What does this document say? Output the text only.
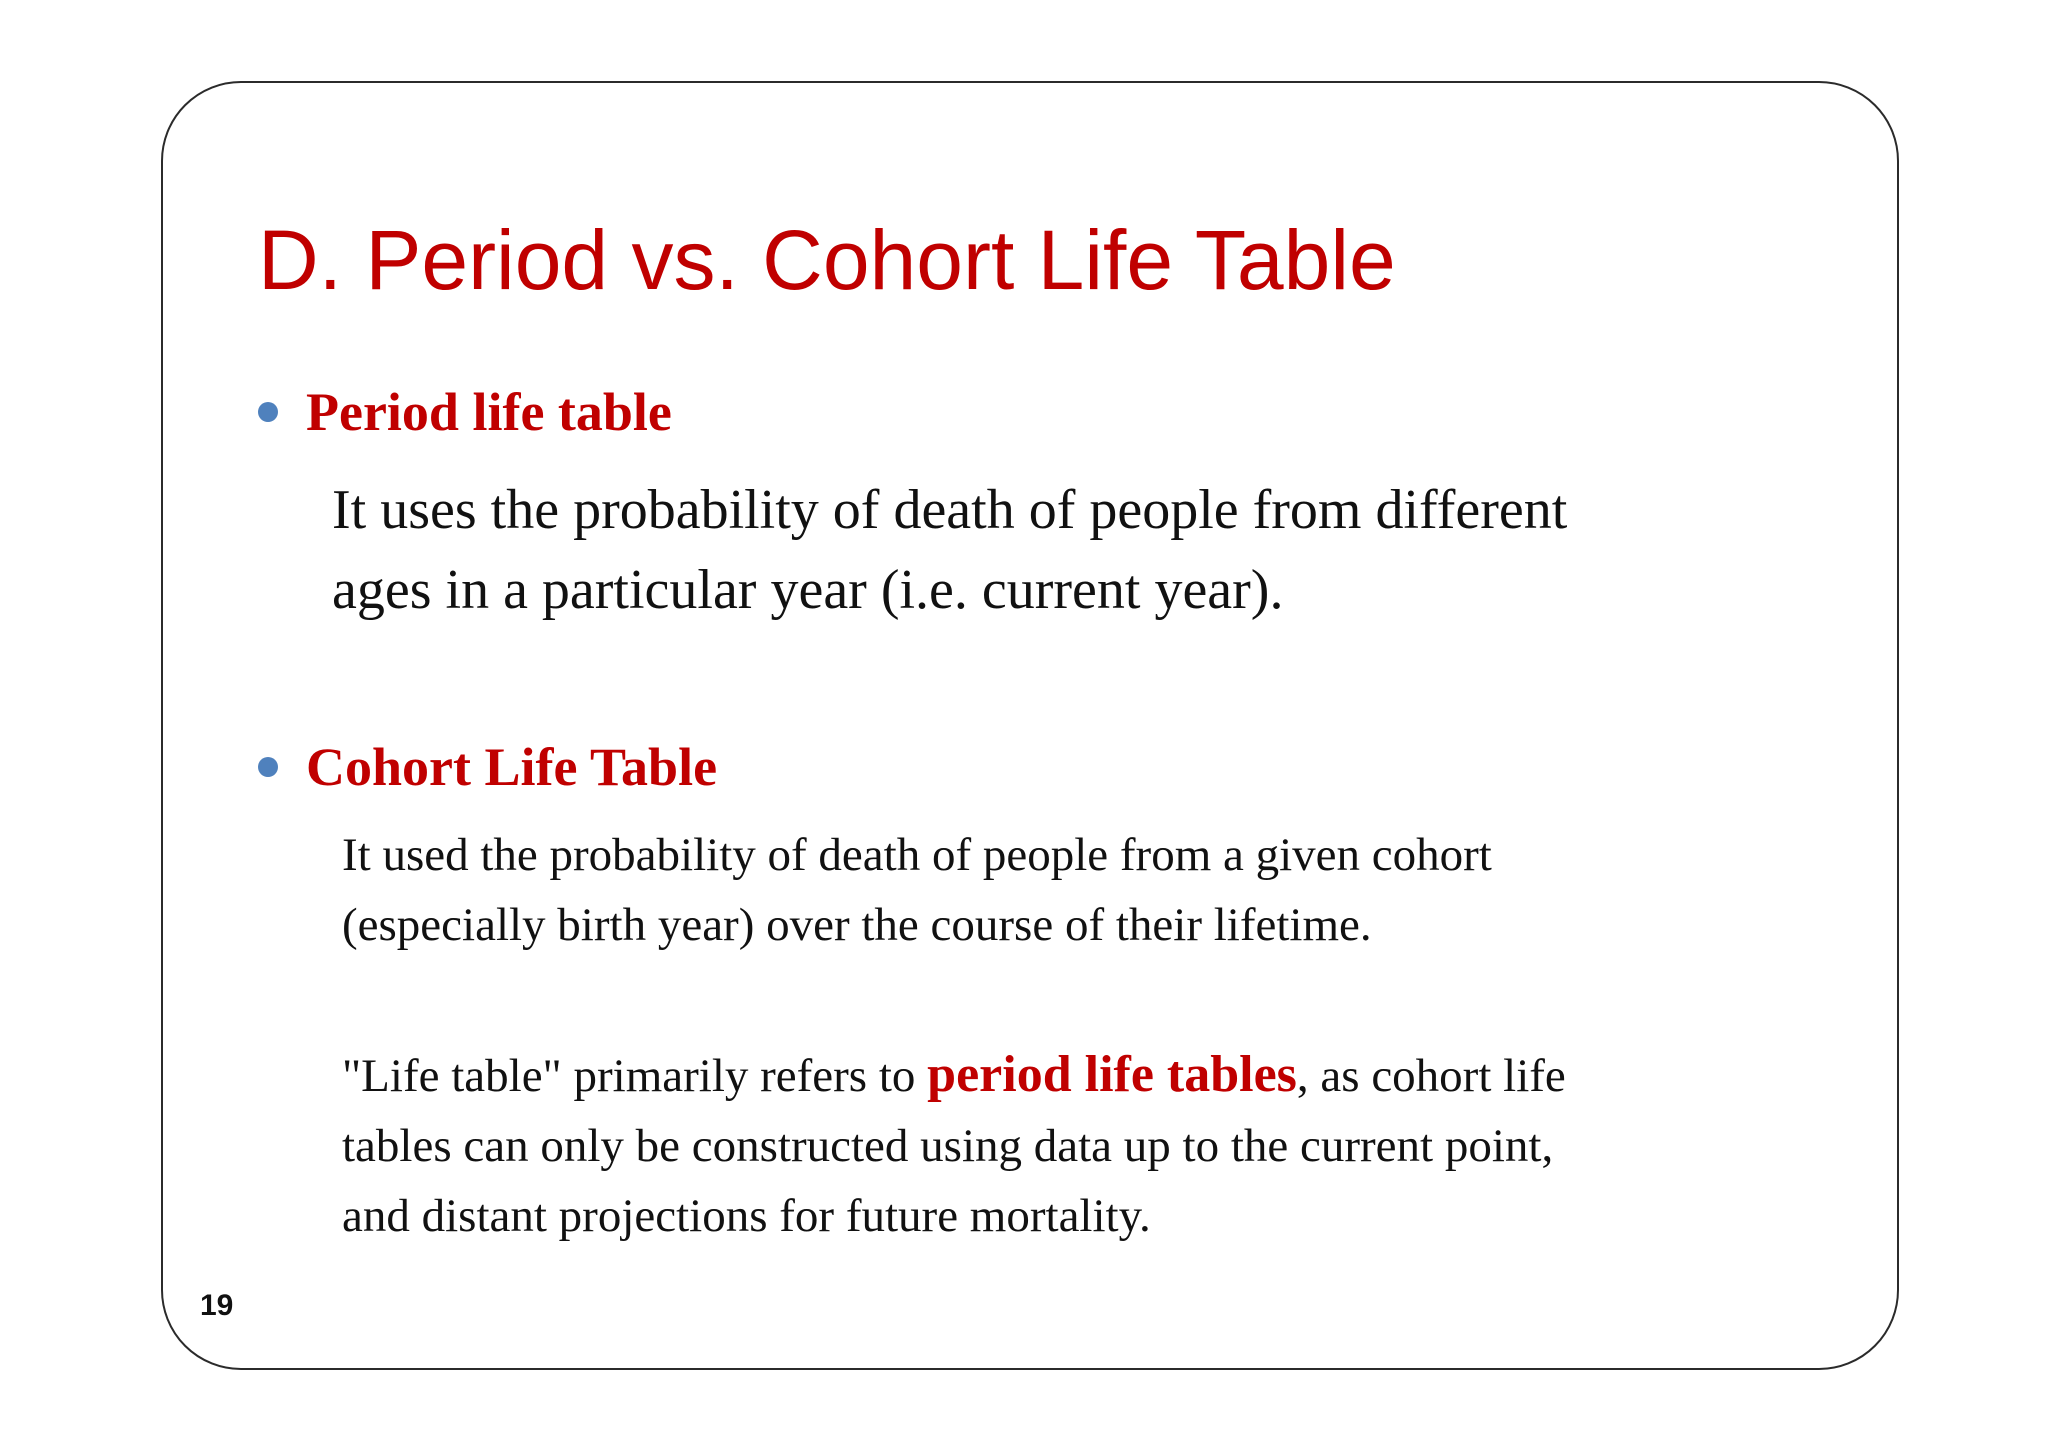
D. Period vs. Cohort Life Table
Period life table

It uses the probability of death of people from different
ages in a particular year (i.e. current year).

Cohort Life Table

It used the probability of death of people from a given cohort
(especially birth year) over the course of their lifetime.

"Life table" primarily refers to period life tables, as cohort life
tables can only be constructed using data up to the current point,
and distant projections for future mortality.

19
